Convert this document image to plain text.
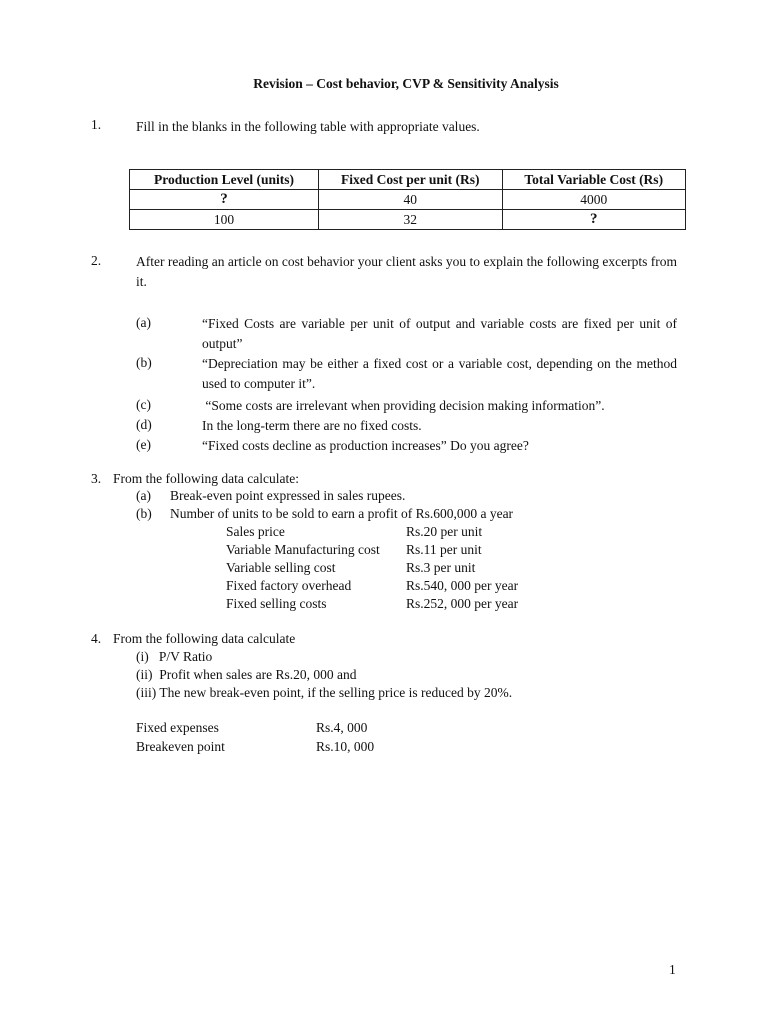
Revision – Cost behavior, CVP & Sensitivity Analysis
1.	Fill in the blanks in the following table with appropriate values.
Production Level (units)	Fixed Cost per unit (Rs)	Total Variable Cost (Rs)
?	40	4000
100	32	?
2.	After reading an article on cost behavior your client asks you to explain the following excerpts from it.
(a)	“Fixed Costs are variable per unit of output and variable costs are fixed per unit of output”
(b)	“Depreciation may be either a fixed cost or a variable cost, depending on the method used to computer it”.
(c)	“Some costs are irrelevant when providing decision making information”.
(d)	In the long-term there are no fixed costs.
(e)	“Fixed costs decline as production increases” Do you agree?
3. From the following data calculate:
(a) Break-even point expressed in sales rupees.
(b) Number of units to be sold to earn a profit of Rs.600,000 a year
Sales price	Rs.20 per unit
Variable Manufacturing cost Rs.11 per unit
Variable selling cost	Rs.3 per unit
Fixed factory overhead	Rs.540, 000 per year
Fixed selling costs	Rs.252, 000 per year
4. From the following data calculate
(i)   P/V Ratio
(ii)  Profit when sales are Rs.20, 000 and
(iii) The new break-even point, if the selling price is reduced by 20%.
Fixed expenses	Rs.4, 000
Breakeven point	Rs.10, 000
1
